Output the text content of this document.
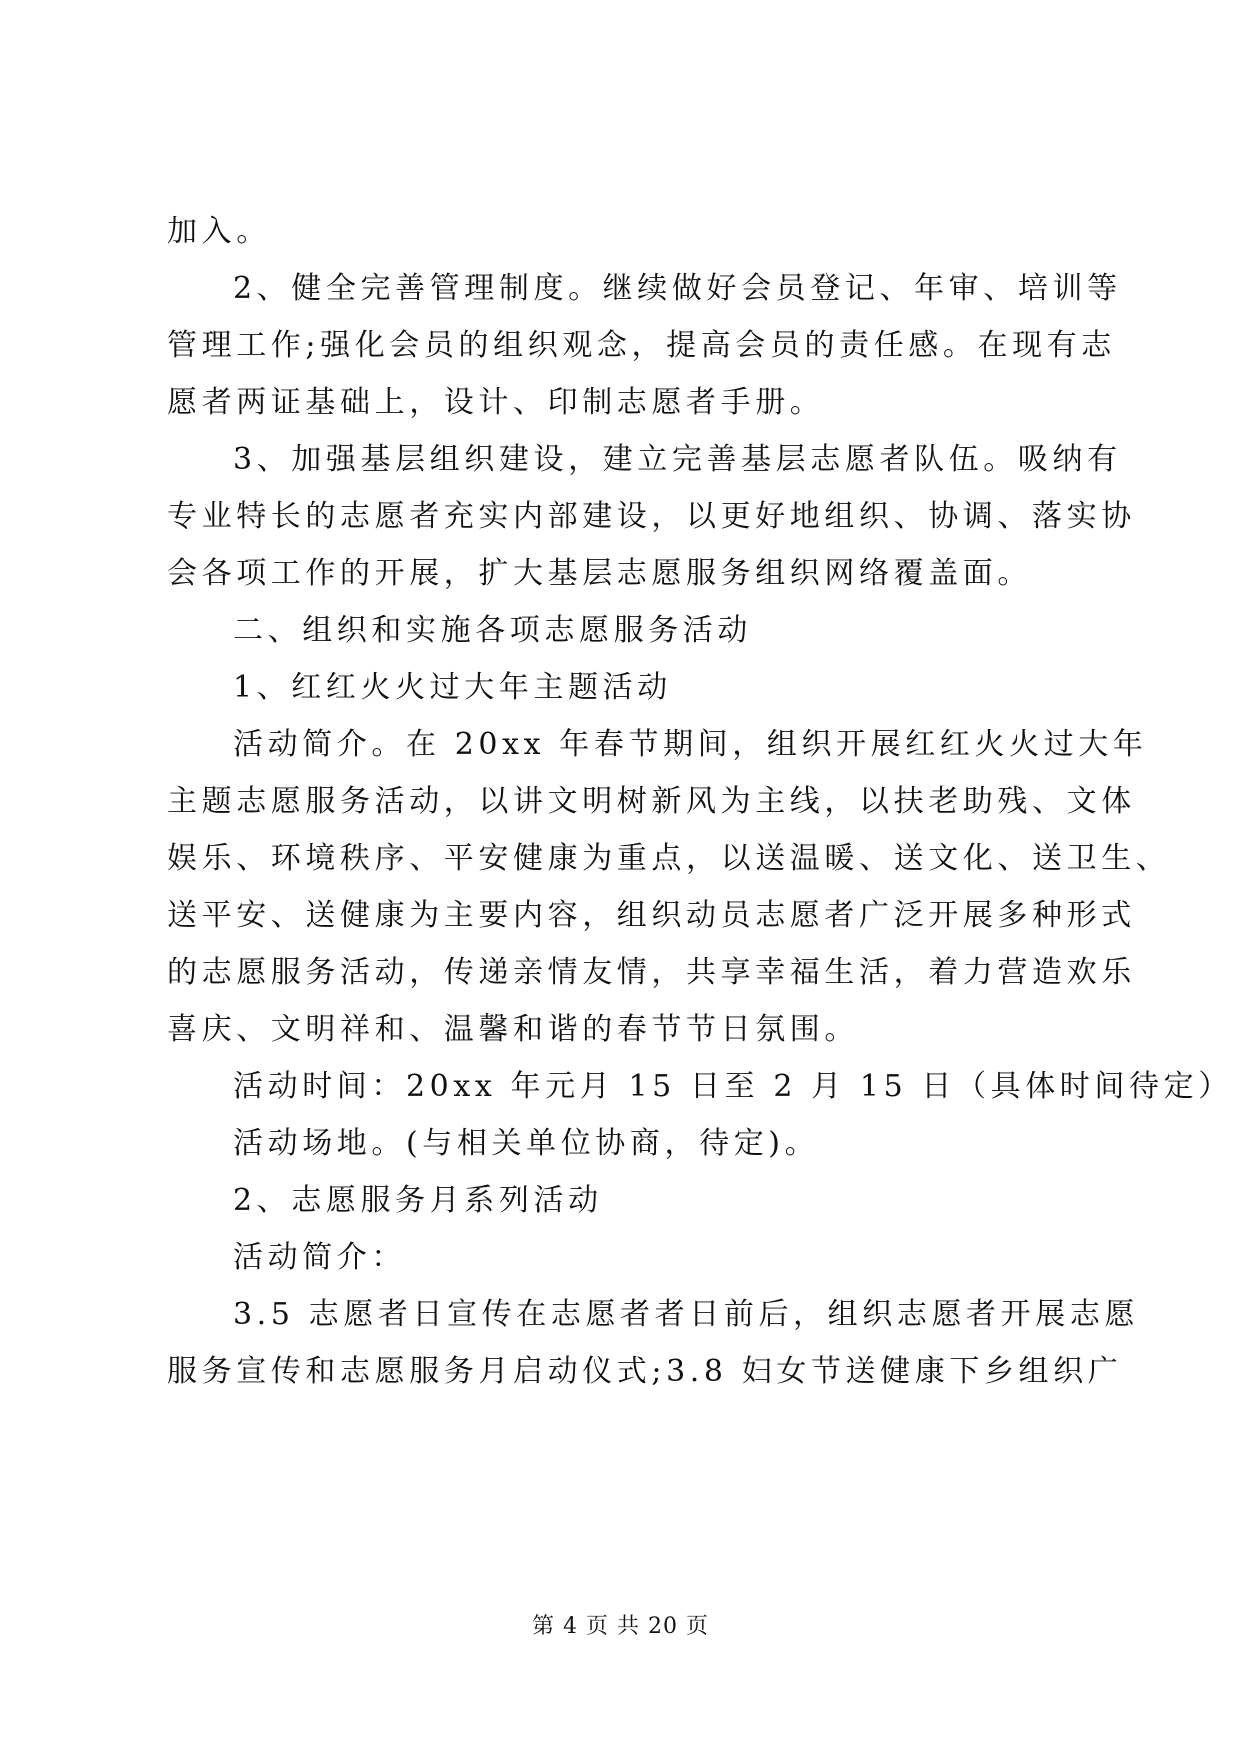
加入。

2、健全完善管理制度。继续做好会员登记、年审、培训等

管理工作;强化会员的组织观念，提高会员的责任感。在现有志

愿者两证基础上，设计、印制志愿者手册。

3、加强基层组织建设，建立完善基层志愿者队伍。吸纳有

专业特长的志愿者充实内部建设，以更好地组织、协调、落实协

会各项工作的开展，扩大基层志愿服务组织网络覆盖面。

二、组织和实施各项志愿服务活动

1、红红火火过大年主题活动

活动简介。在 20xx 年春节期间，组织开展红红火火过大年

主题志愿服务活动，以讲文明树新风为主线，以扶老助残、文体

娱乐、环境秩序、平安健康为重点，以送温暖、送文化、送卫生、

送平安、送健康为主要内容，组织动员志愿者广泛开展多种形式

的志愿服务活动，传递亲情友情，共享幸福生活，着力营造欢乐

喜庆、文明祥和、温馨和谐的春节节日氛围。

活动时间：20xx 年元月 15 日至 2 月 15 日（具体时间待定）

活动场地。(与相关单位协商，待定)。

2、志愿服务月系列活动

活动简介：

3.5 志愿者日宣传在志愿者者日前后，组织志愿者开展志愿

服务宣传和志愿服务月启动仪式;3.8 妇女节送健康下乡组织广

第 4 页 共 20 页
